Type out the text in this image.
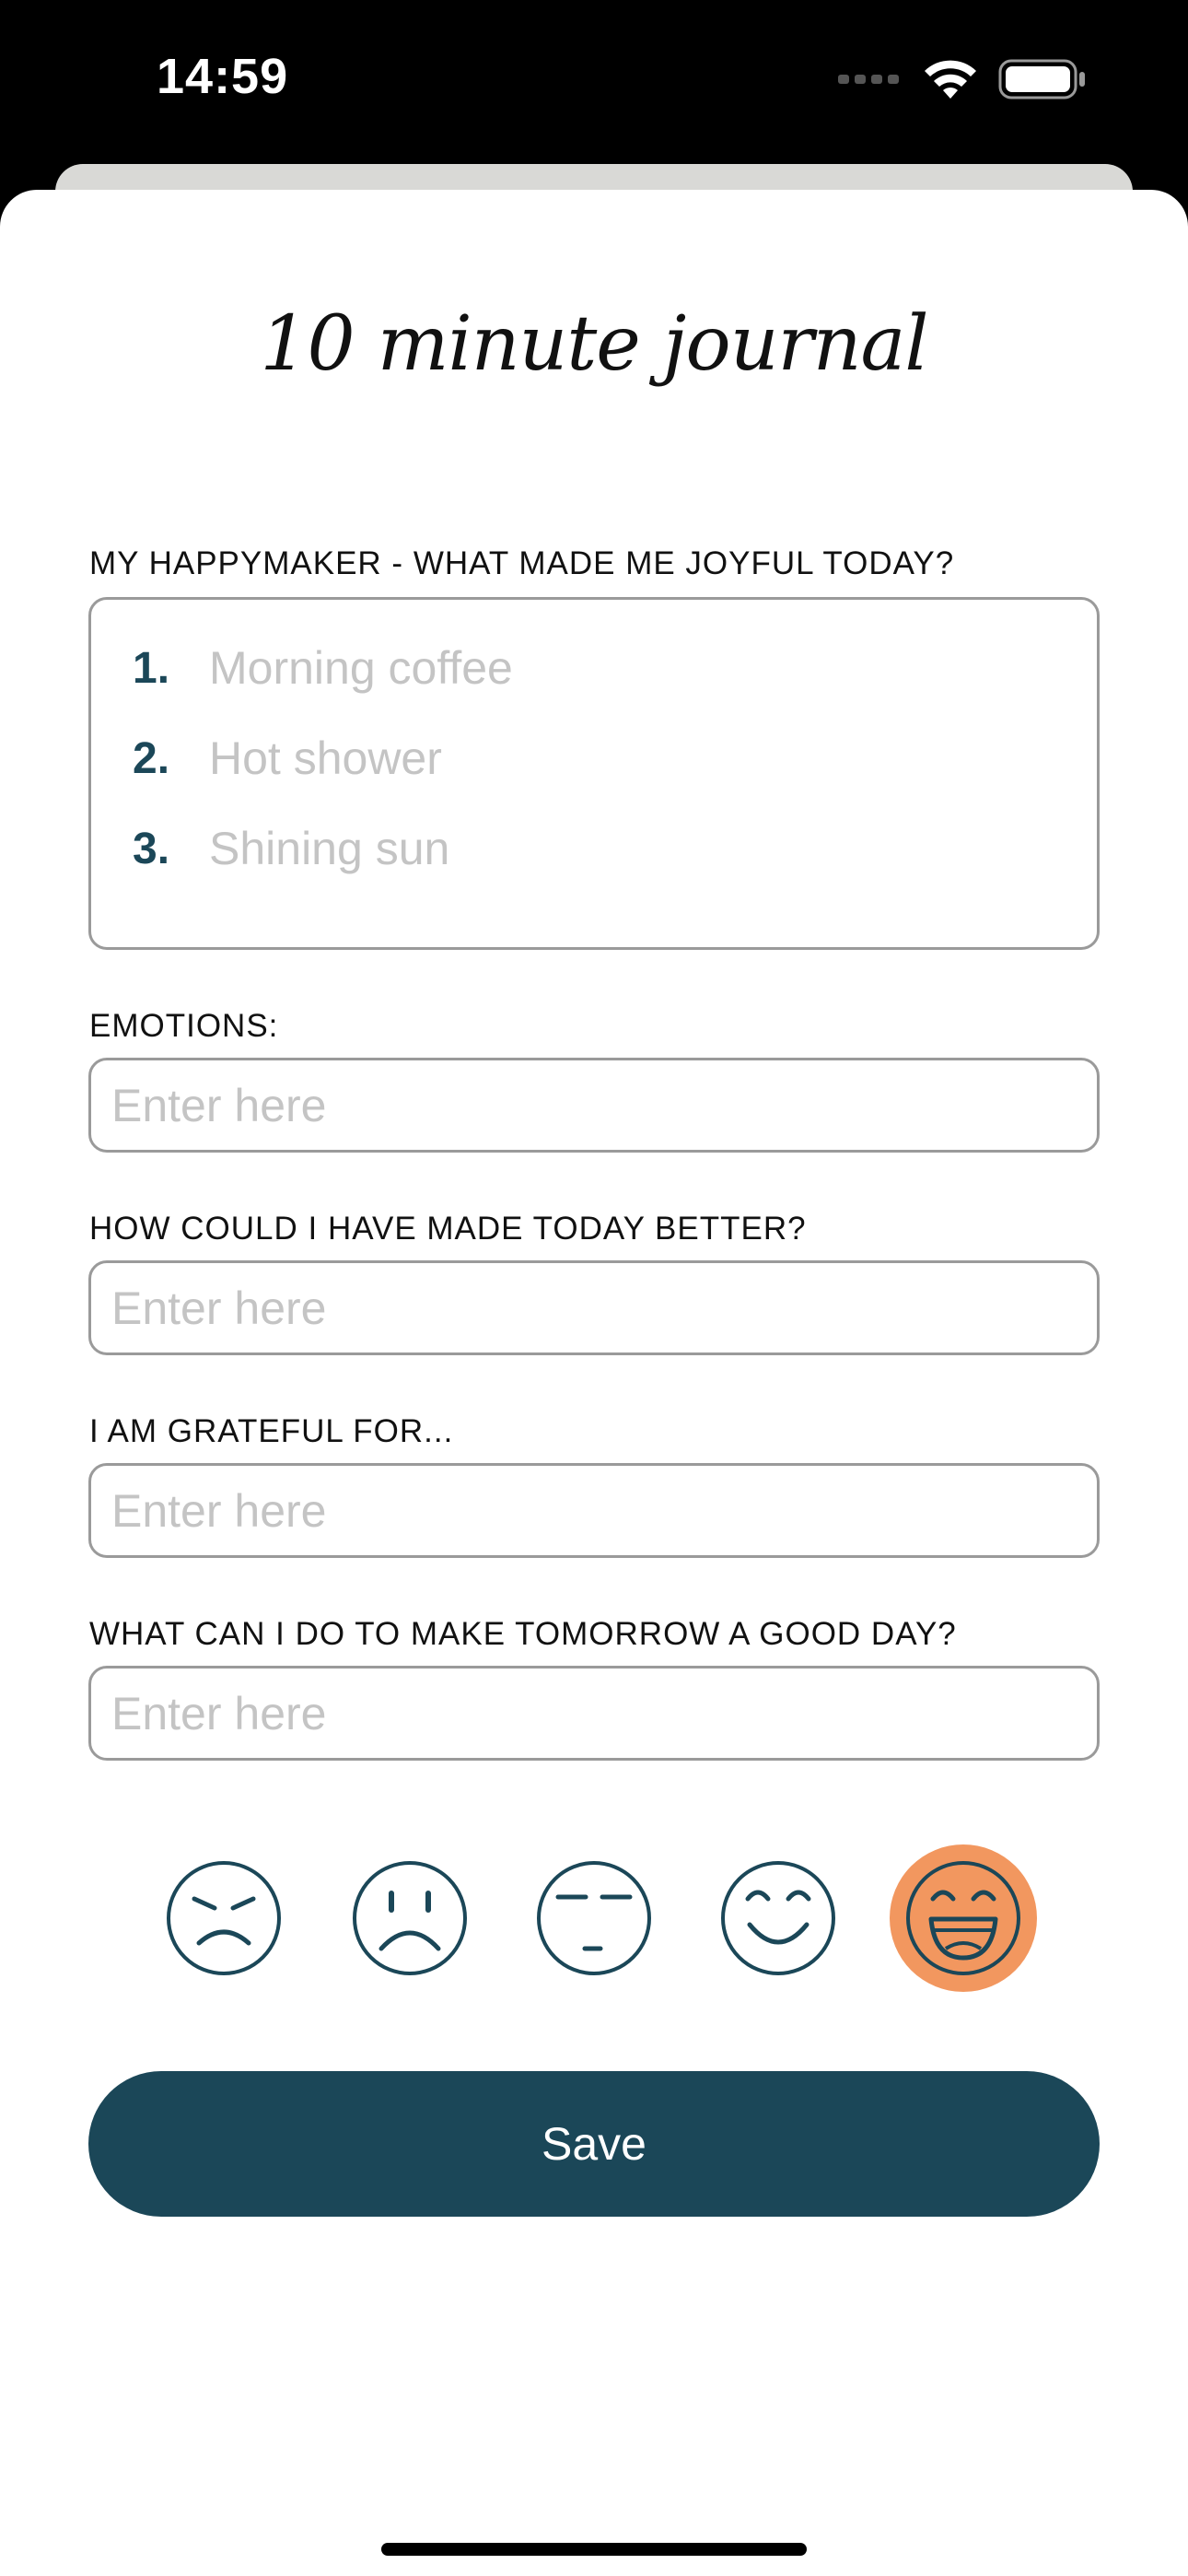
14:59
10 minute journal
MY HAPPYMAKER - WHAT MADE ME JOYFUL TODAY?
1. Morning coffee
2. Hot shower
3. Shining sun
EMOTIONS:
Enter here
HOW COULD I HAVE MADE TODAY BETTER?
Enter here
I AM GRATEFUL FOR...
Enter here
WHAT CAN I DO TO MAKE TOMORROW A GOOD DAY?
Enter here
Save
